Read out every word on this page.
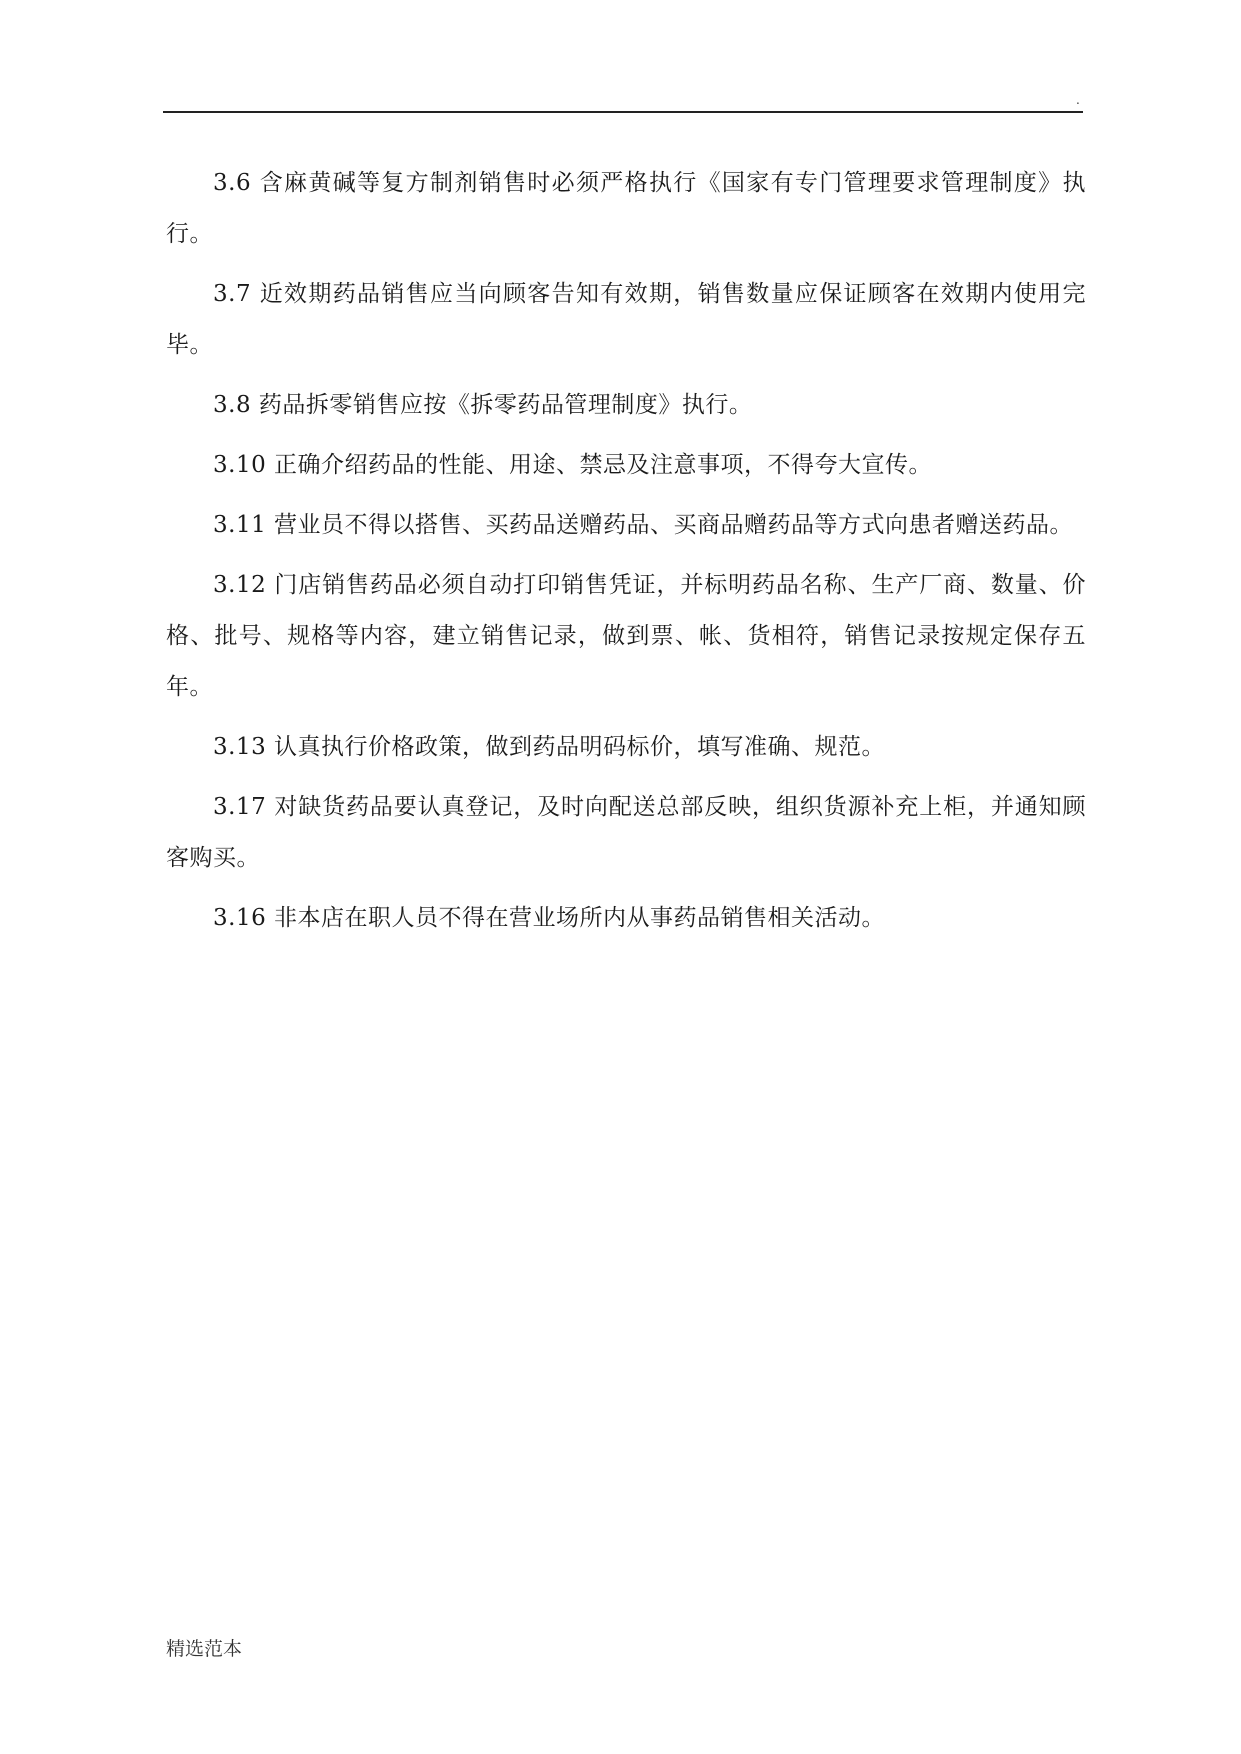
.

3.6 含麻黄碱等复方制剂销售时必须严格执行《国家有专门管理要求管理制度》执行。

3.7 近效期药品销售应当向顾客告知有效期，销售数量应保证顾客在效期内使用完毕。

3.8 药品拆零销售应按《拆零药品管理制度》执行。

3.10 正确介绍药品的性能、用途、禁忌及注意事项，不得夸大宣传。

3.11 营业员不得以搭售、买药品送赠药品、买商品赠药品等方式向患者赠送药品。

3.12 门店销售药品必须自动打印销售凭证，并标明药品名称、生产厂商、数量、价格、批号、规格等内容，建立销售记录，做到票、帐、货相符，销售记录按规定保存五年。

3.13 认真执行价格政策，做到药品明码标价，填写准确、规范。

3.17 对缺货药品要认真登记，及时向配送总部反映，组织货源补充上柜，并通知顾客购买。

3.16 非本店在职人员不得在营业场所内从事药品销售相关活动。

精选范本
